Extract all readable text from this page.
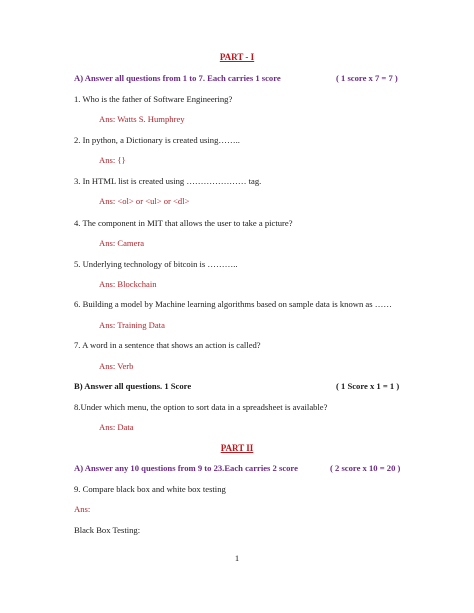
PART - I
A) Answer all questions from 1 to 7. Each carries 1 score	( 1 score x 7 = 7 )
1. Who is the father of Software Engineering?
Ans: Watts S. Humphrey
2. In python, a Dictionary is created using……..
Ans: {}
3. In HTML list is created using ………………… tag.
Ans: <ol> or <ul> or <dl>
4. The component in MIT that allows the user to take a picture?
Ans: Camera
5. Underlying technology of bitcoin is ………..
Ans: Blockchain
6. Building a model by Machine learning algorithms based on sample data is known as ……
Ans: Training Data
7. A word in a sentence that shows an action is called?
Ans: Verb
B) Answer all questions. 1 Score	( 1 Score x 1 = 1 )
8.Under which menu, the option to sort data in a spreadsheet is available?
Ans: Data
PART II
A) Answer any 10 questions from 9 to 23.Each carries 2 score	( 2 score x 10 = 20 )
9. Compare black box and white box testing
Ans:
Black Box Testing:
1
